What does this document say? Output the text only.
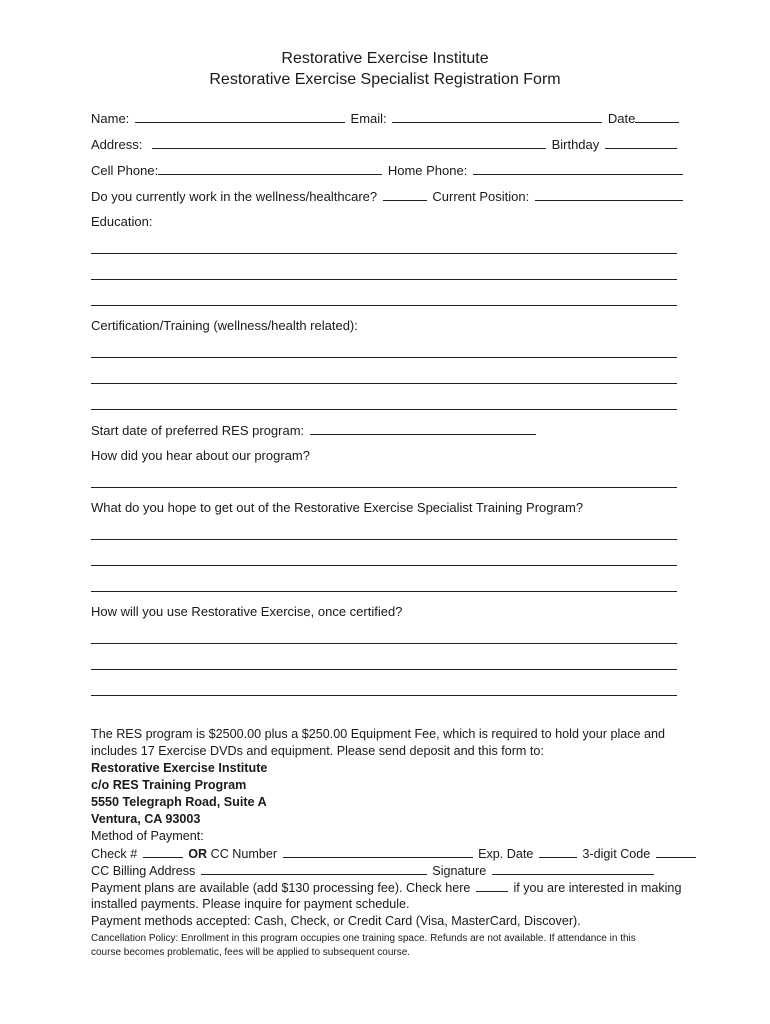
Restorative Exercise Institute
Restorative Exercise Specialist Registration Form
Name:	Email:	Date
Address:	Birthday
Cell Phone:	Home Phone:
Do you currently work in the wellness/healthcare?	Current Position:
Education:
Certification/Training (wellness/health related):
Start date of preferred RES program:
How did you hear about our program?
What do you hope to get out of the Restorative Exercise Specialist Training Program?
How will you use Restorative Exercise, once certified?
The RES program is $2500.00 plus a $250.00 Equipment Fee, which is required to hold your place and
includes 17 Exercise DVDs and equipment. Please send deposit and this form to:
Restorative Exercise Institute
c/o RES Training Program
5550 Telegraph Road, Suite A
Ventura, CA 93003
Method of Payment:
Check #	OR CC Number	Exp. Date	3-digit Code
CC Billing Address	Signature
Payment plans are available (add $130 processing fee). Check here	if you are interested in making
installed payments. Please inquire for payment schedule.
Payment methods accepted: Cash, Check, or Credit Card (Visa, MasterCard, Discover).
Cancellation Policy: Enrollment in this program occupies one training space. Refunds are not available. If attendance in this
course becomes problematic, fees will be applied to subsequent course.
